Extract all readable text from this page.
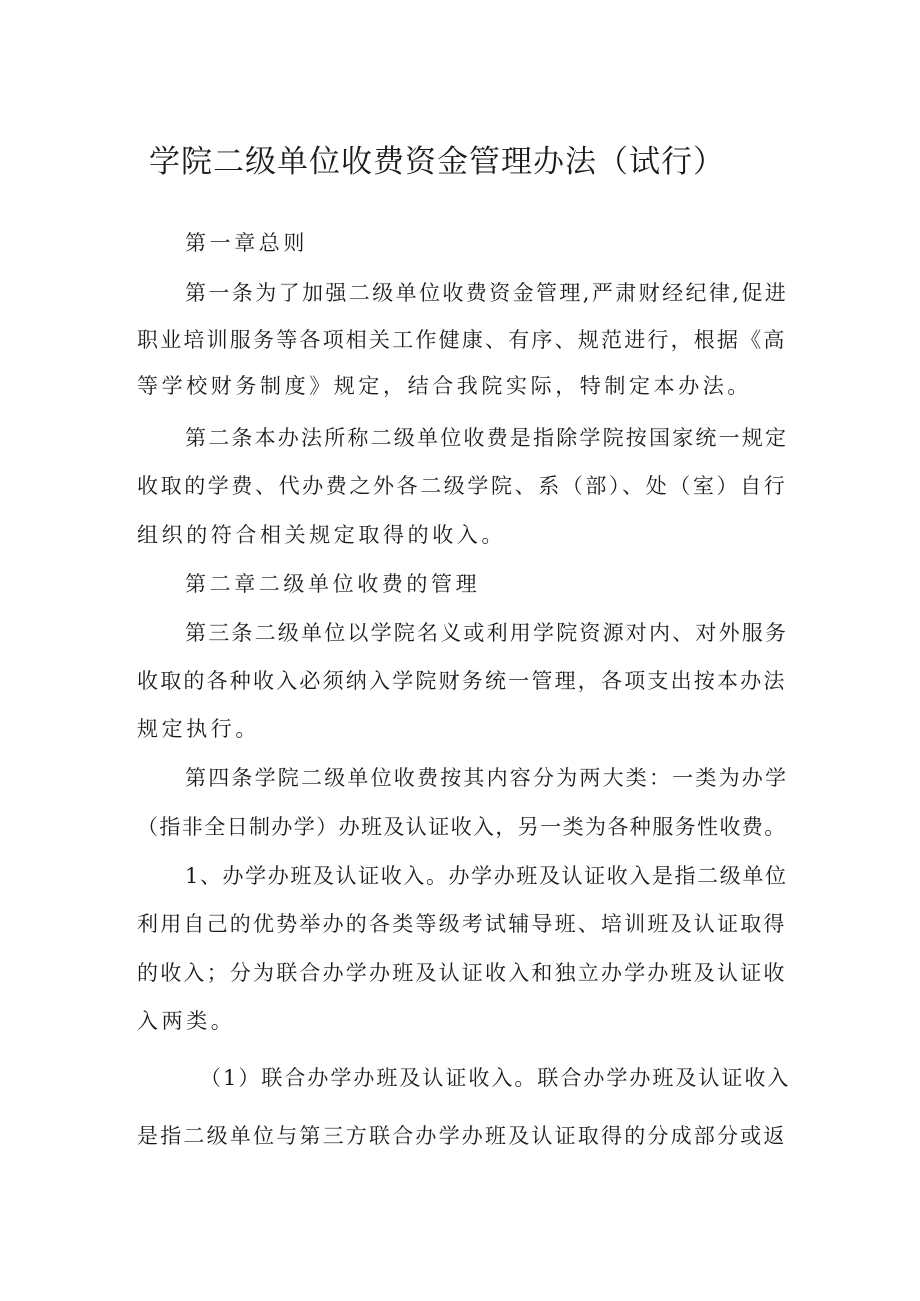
学院二级单位收费资金管理办法（试行）
第一章总则
第一条为了加强二级单位收费资金管理,严肃财经纪律,促进
职业培训服务等各项相关工作健康、有序、规范进行，根据《高
等学校财务制度》规定，结合我院实际，特制定本办法。
第二条本办法所称二级单位收费是指除学院按国家统一规定
收取的学费、代办费之外各二级学院、系（部）、处（室）自行
组织的符合相关规定取得的收入。
第二章二级单位收费的管理
第三条二级单位以学院名义或利用学院资源对内、对外服务
收取的各种收入必须纳入学院财务统一管理，各项支出按本办法
规定执行。
第四条学院二级单位收费按其内容分为两大类：一类为办学
（指非全日制办学）办班及认证收入，另一类为各种服务性收费。
1、办学办班及认证收入。办学办班及认证收入是指二级单位
利用自己的优势举办的各类等级考试辅导班、培训班及认证取得
的收入；分为联合办学办班及认证收入和独立办学办班及认证收
入两类。
（1）联合办学办班及认证收入。联合办学办班及认证收入
是指二级单位与第三方联合办学办班及认证取得的分成部分或返
